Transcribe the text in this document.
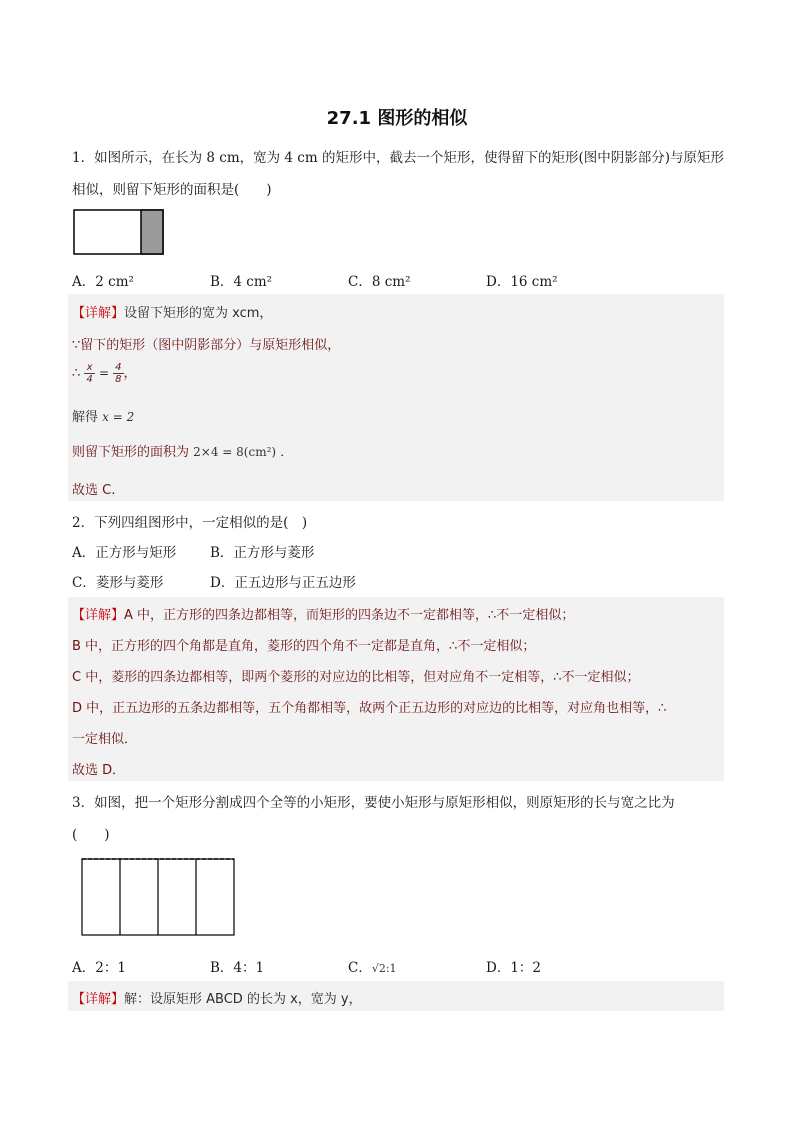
27.1 图形的相似
1．如图所示，在长为 8 cm，宽为 4 cm 的矩形中，截去一个矩形，使得留下的矩形(图中阴影部分)与原矩形
相似，则留下矩形的面积是(　　)
A．2 cm²	B．4 cm²	C．8 cm²	D．16 cm²
【详解】设留下矩形的宽为 xcm，
∵留下的矩形（图中阴影部分）与原矩形相似，
∴ $\frac{x}{4} = \frac{4}{8}$ ，
解得 x = 2
则留下矩形的面积为 2×4 = 8(cm²) ．
故选 C.
2．下列四组图形中，一定相似的是(　)
A．正方形与矩形	B．正方形与菱形
C．菱形与菱形	D．正五边形与正五边形
【详解】A 中，正方形的四条边都相等，而矩形的四条边不一定都相等，∴不一定相似；
B 中，正方形的四个角都是直角，菱形的四个角不一定都是直角，∴不一定相似；
C 中，菱形的四条边都相等，即两个菱形的对应边的比相等，但对应角不一定相等，∴不一定相似；
D 中，正五边形的五条边都相等，五个角都相等，故两个正五边形的对应边的比相等，对应角也相等，∴
一定相似．
故选 D．
3．如图，把一个矩形分割成四个全等的小矩形，要使小矩形与原矩形相似，则原矩形的长与宽之比为
(　　)
A．2：1	B．4：1	C．√2:1	D．1：2
【详解】解：设原矩形 ABCD 的长为 x，宽为 y，
